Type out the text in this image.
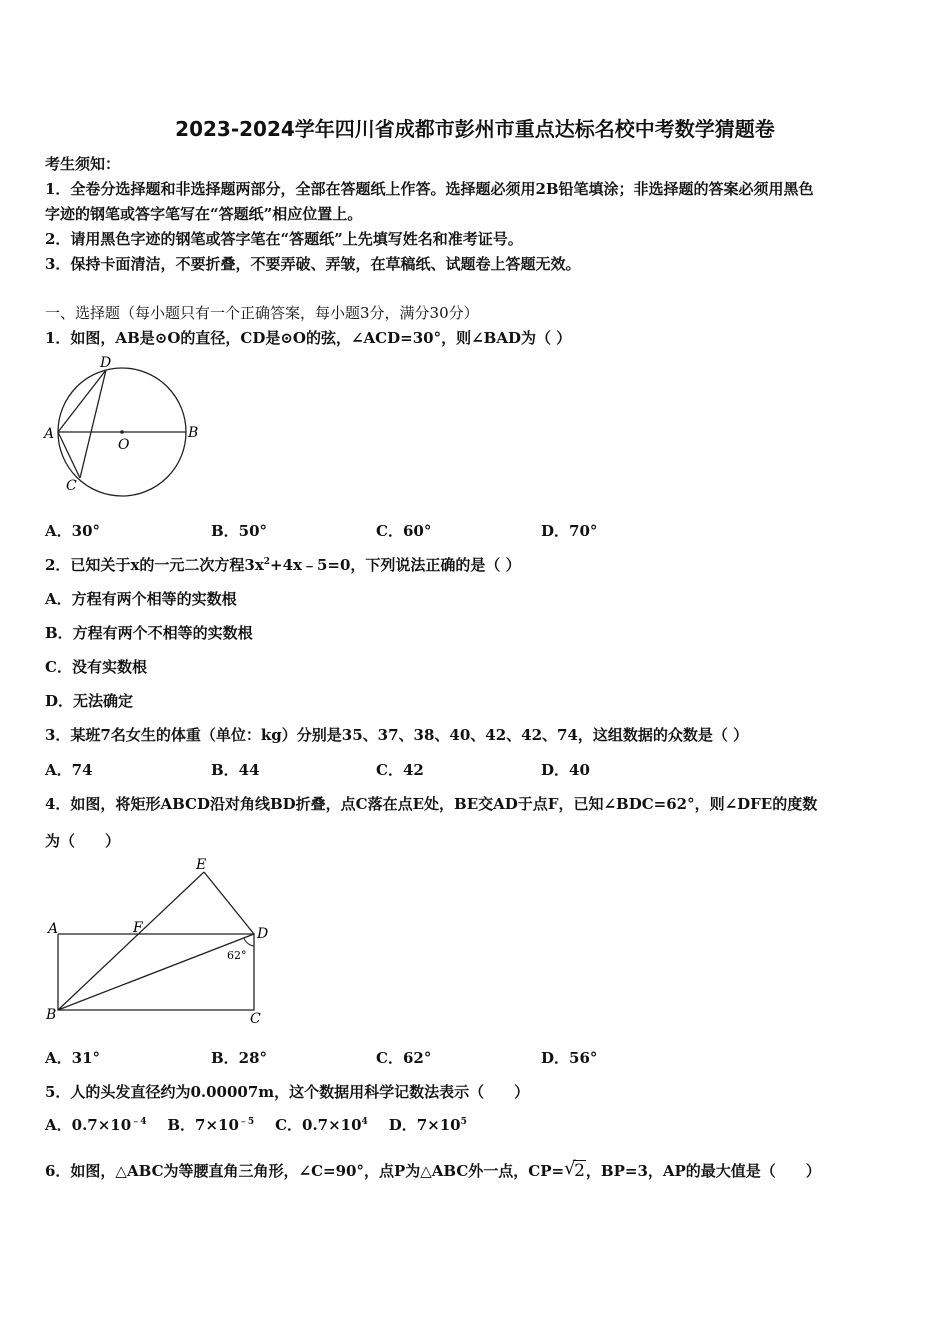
2023-2024学年四川省成都市彭州市重点达标名校中考数学猜题卷
考生须知：
1．全卷分选择题和非选择题两部分，全部在答题纸上作答。选择题必须用2B铅笔填涂；非选择题的答案必须用黑色
字迹的钢笔或答字笔写在“答题纸”相应位置上。
2．请用黑色字迹的钢笔或答字笔在“答题纸”上先填写姓名和准考证号。
3．保持卡面清洁，不要折叠，不要弄破、弄皱，在草稿纸、试题卷上答题无效。
一、选择题（每小题只有一个正确答案，每小题3分，满分30分）
1．如图，AB是⊙O的直径，CD是⊙O的弦，∠ACD=30°，则∠BAD为（ ）
A	B
C
D
O
A．30°	B．50°	C．60°	D．70°
2．已知关于x的一元二次方程$3x^2+4x﹣5=0$，下列说法正确的是（ ）
A．方程有两个相等的实数根
B．方程有两个不相等的实数根
C．没有实数根
D．无法确定
3．某班7名女生的体重（单位：kg）分别是35、37、38、40、42、42、74，这组数据的众数是（ ）
A．74	B．44	C．42	D．40
4．如图，将矩形ABCD沿对角线BD折叠，点C落在点E处，BE交AD于点F，已知∠BDC=62°，则∠DFE的度数
为（　　）
A
B	C
D
E
F
62°
A．31°	B．28°	C．62°	D．56°
5．人的头发直径约为0.00007m，这个数据用科学记数法表示（　　）
A．$0.7\times 10^{﹣4}$ B．$7\times 10^{﹣5}$ C．$0.7\times 10^4$ D．$7\times 10^5$
6．如图，△ABC为等腰直角三角形，∠C=90°，点P为△ABC外一点，CP= √
2，BP=3，AP的最大值是（　　）
